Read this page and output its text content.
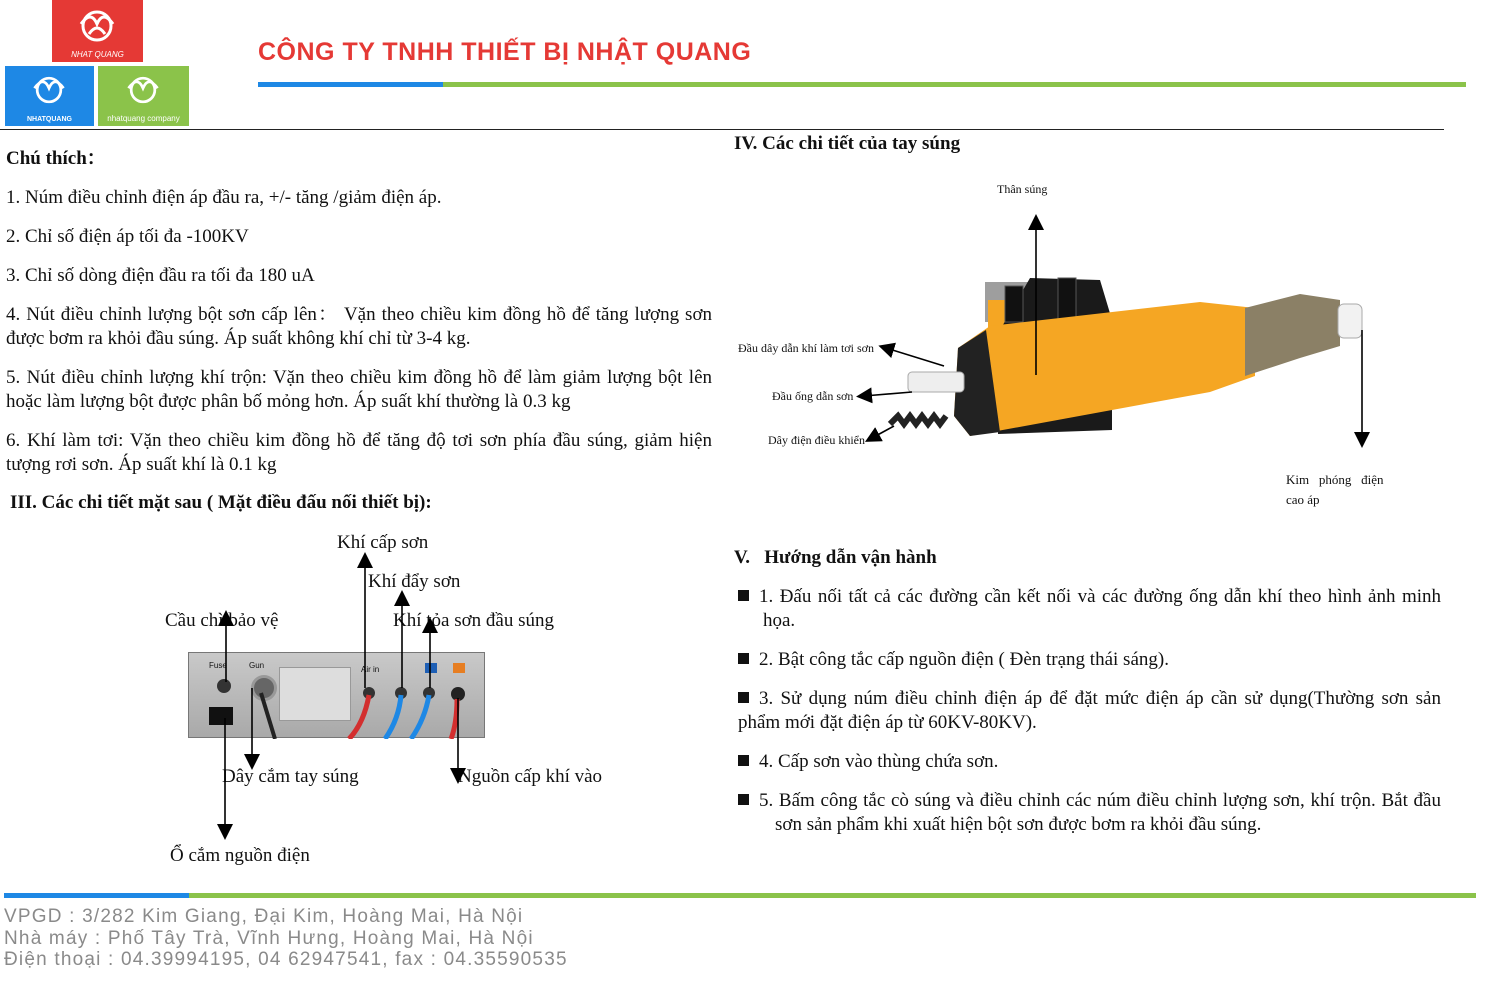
NHAT QUANG
NHATQUANG	nhatquang company
CÔNG TY TNHH THIẾT BỊ NHẬT QUANG
Chú thích：
1. Núm điều chỉnh điện áp đầu ra, +/- tăng /giảm điện áp.
2. Chỉ số điện áp tối đa -100KV
3. Chỉ số dòng điện đầu ra tối đa 180 uA
4. Nút điều chỉnh lượng bột sơn cấp lên： Vặn theo chiều kim đồng hồ để tăng lượng sơn được bơm ra khỏi đầu súng. Áp suất không khí chỉ từ 3-4 kg.
5. Nút điều chỉnh lượng khí trộn: Vặn theo chiều kim đồng hồ để làm giảm lượng bột lên hoặc làm lượng bột được phân bố mỏng hơn. Áp suất khí thường là 0.3 kg
6. Khí làm tơi: Vặn theo chiều kim đồng hồ để tăng độ tơi sơn phía đầu súng, giảm hiện tượng rơi sơn. Áp suất khí là 0.1 kg
III. Các chi tiết mặt sau ( Mặt điều đấu nối thiết bị):
Khí cấp sơn
Khí đẩy sơn
Cầu chì bảo vệ	Khí tỏa sơn đầu súng
Dây cắm tay súng	Nguồn cấp khí vào
Ổ cắm nguồn điện
Fuse	Gun	Air in
IV. Các chi tiết của tay súng
Thân súng
Đầu dây dẫn khí làm tơi sơn
Đầu ống dẫn sơn
Dây điện điều khiển
Kim   phóng   điện
cao áp
V.   Hướng dẫn vận hành
1. Đấu nối tất cả các đường cần kết nối và các đường ống dẫn khí theo hình ảnh minh họa.
2. Bật công tắc cấp nguồn điện ( Đèn trạng thái sáng).
3. Sử dụng núm điều chỉnh điện áp để đặt mức điện áp cần sử dụng(Thường sơn sản phẩm mới đặt điện áp từ 60KV-80KV).
4. Cấp sơn vào thùng chứa sơn.
5. Bấm công tắc cò súng và điều chỉnh các núm điều chỉnh lượng sơn, khí trộn. Bắt đầu sơn sản phẩm khi xuất hiện bột sơn được bơm ra khỏi đầu súng.
VPGD : 3/282 Kim Giang, Đại Kim, Hoàng Mai, Hà Nội
Nhà máy : Phố Tây Trà, Vĩnh Hưng, Hoàng Mai, Hà Nội
Điện thoại : 04.39994195, 04 62947541, fax : 04.35590535
